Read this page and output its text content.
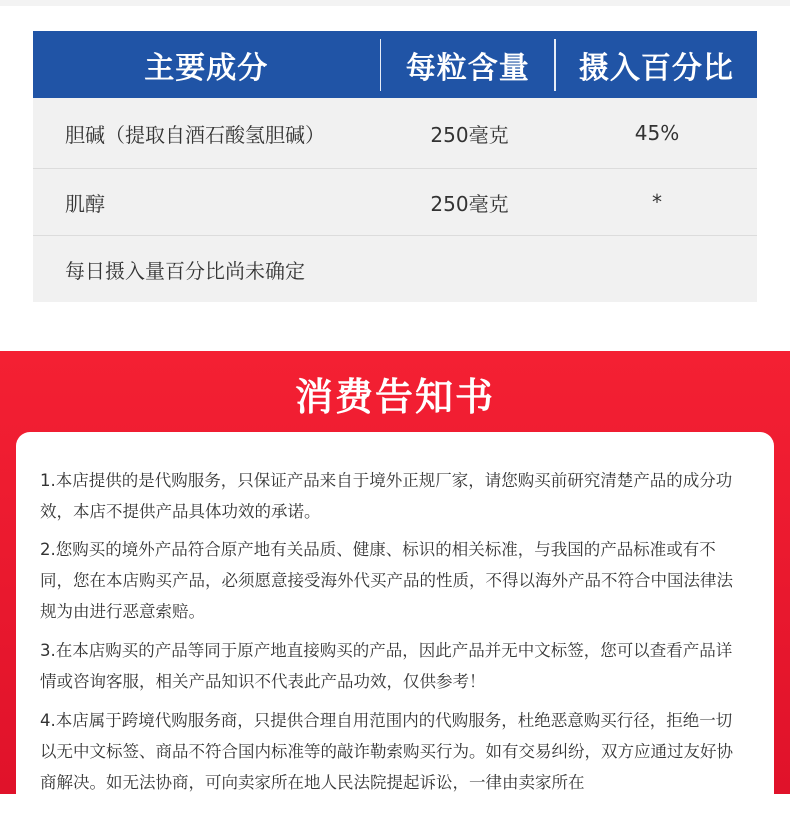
主要成分	每粒含量	摄入百分比
胆碱（提取自酒石酸氢胆碱）	250毫克	45%
肌醇	250毫克	*
每日摄入量百分比尚未确定
消费告知书
1.本店提供的是代购服务，只保证产品来自于境外正规厂家，请您购买前研究清楚产品的成分功效，本店不提供产品具体功效的承诺。
2.您购买的境外产品符合原产地有关品质、健康、标识的相关标准，与我国的产品标准或有不同，您在本店购买产品，必须愿意接受海外代买产品的性质，不得以海外产品不符合中国法律法规为由进行恶意索赔。
3.在本店购买的产品等同于原产地直接购买的产品，因此产品并无中文标签，您可以查看产品详情或咨询客服，相关产品知识不代表此产品功效，仅供参考！
4.本店属于跨境代购服务商，只提供合理自用范围内的代购服务，杜绝恶意购买行径，拒绝一切以无中文标签、商品不符合国内标准等的敲诈勒索购买行为。如有交易纠纷，双方应通过友好协商解决。如无法协商，可向卖家所在地人民法院提起诉讼，一律由卖家所在
